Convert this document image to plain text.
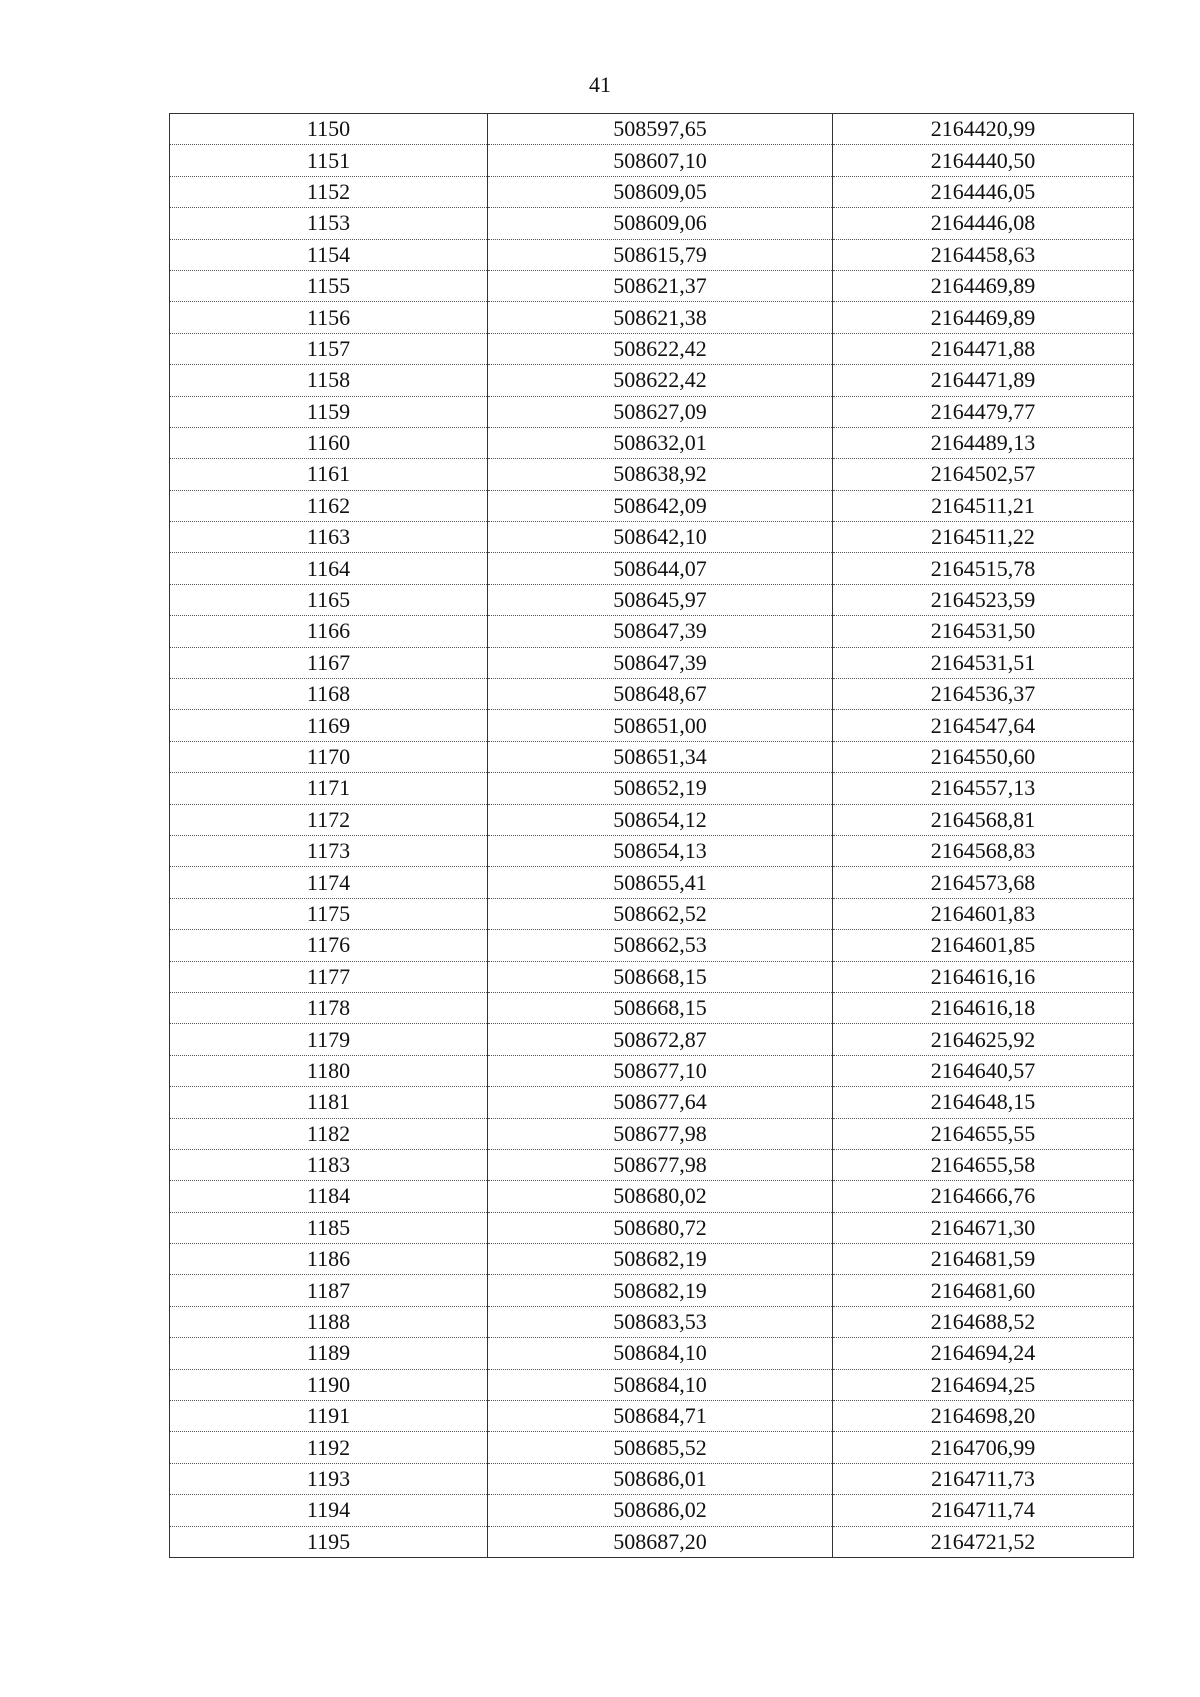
41
1150	508597,65	2164420,99
1151	508607,10	2164440,50
1152	508609,05	2164446,05
1153	508609,06	2164446,08
1154	508615,79	2164458,63
1155	508621,37	2164469,89
1156	508621,38	2164469,89
1157	508622,42	2164471,88
1158	508622,42	2164471,89
1159	508627,09	2164479,77
1160	508632,01	2164489,13
1161	508638,92	2164502,57
1162	508642,09	2164511,21
1163	508642,10	2164511,22
1164	508644,07	2164515,78
1165	508645,97	2164523,59
1166	508647,39	2164531,50
1167	508647,39	2164531,51
1168	508648,67	2164536,37
1169	508651,00	2164547,64
1170	508651,34	2164550,60
1171	508652,19	2164557,13
1172	508654,12	2164568,81
1173	508654,13	2164568,83
1174	508655,41	2164573,68
1175	508662,52	2164601,83
1176	508662,53	2164601,85
1177	508668,15	2164616,16
1178	508668,15	2164616,18
1179	508672,87	2164625,92
1180	508677,10	2164640,57
1181	508677,64	2164648,15
1182	508677,98	2164655,55
1183	508677,98	2164655,58
1184	508680,02	2164666,76
1185	508680,72	2164671,30
1186	508682,19	2164681,59
1187	508682,19	2164681,60
1188	508683,53	2164688,52
1189	508684,10	2164694,24
1190	508684,10	2164694,25
1191	508684,71	2164698,20
1192	508685,52	2164706,99
1193	508686,01	2164711,73
1194	508686,02	2164711,74
1195	508687,20	2164721,52
